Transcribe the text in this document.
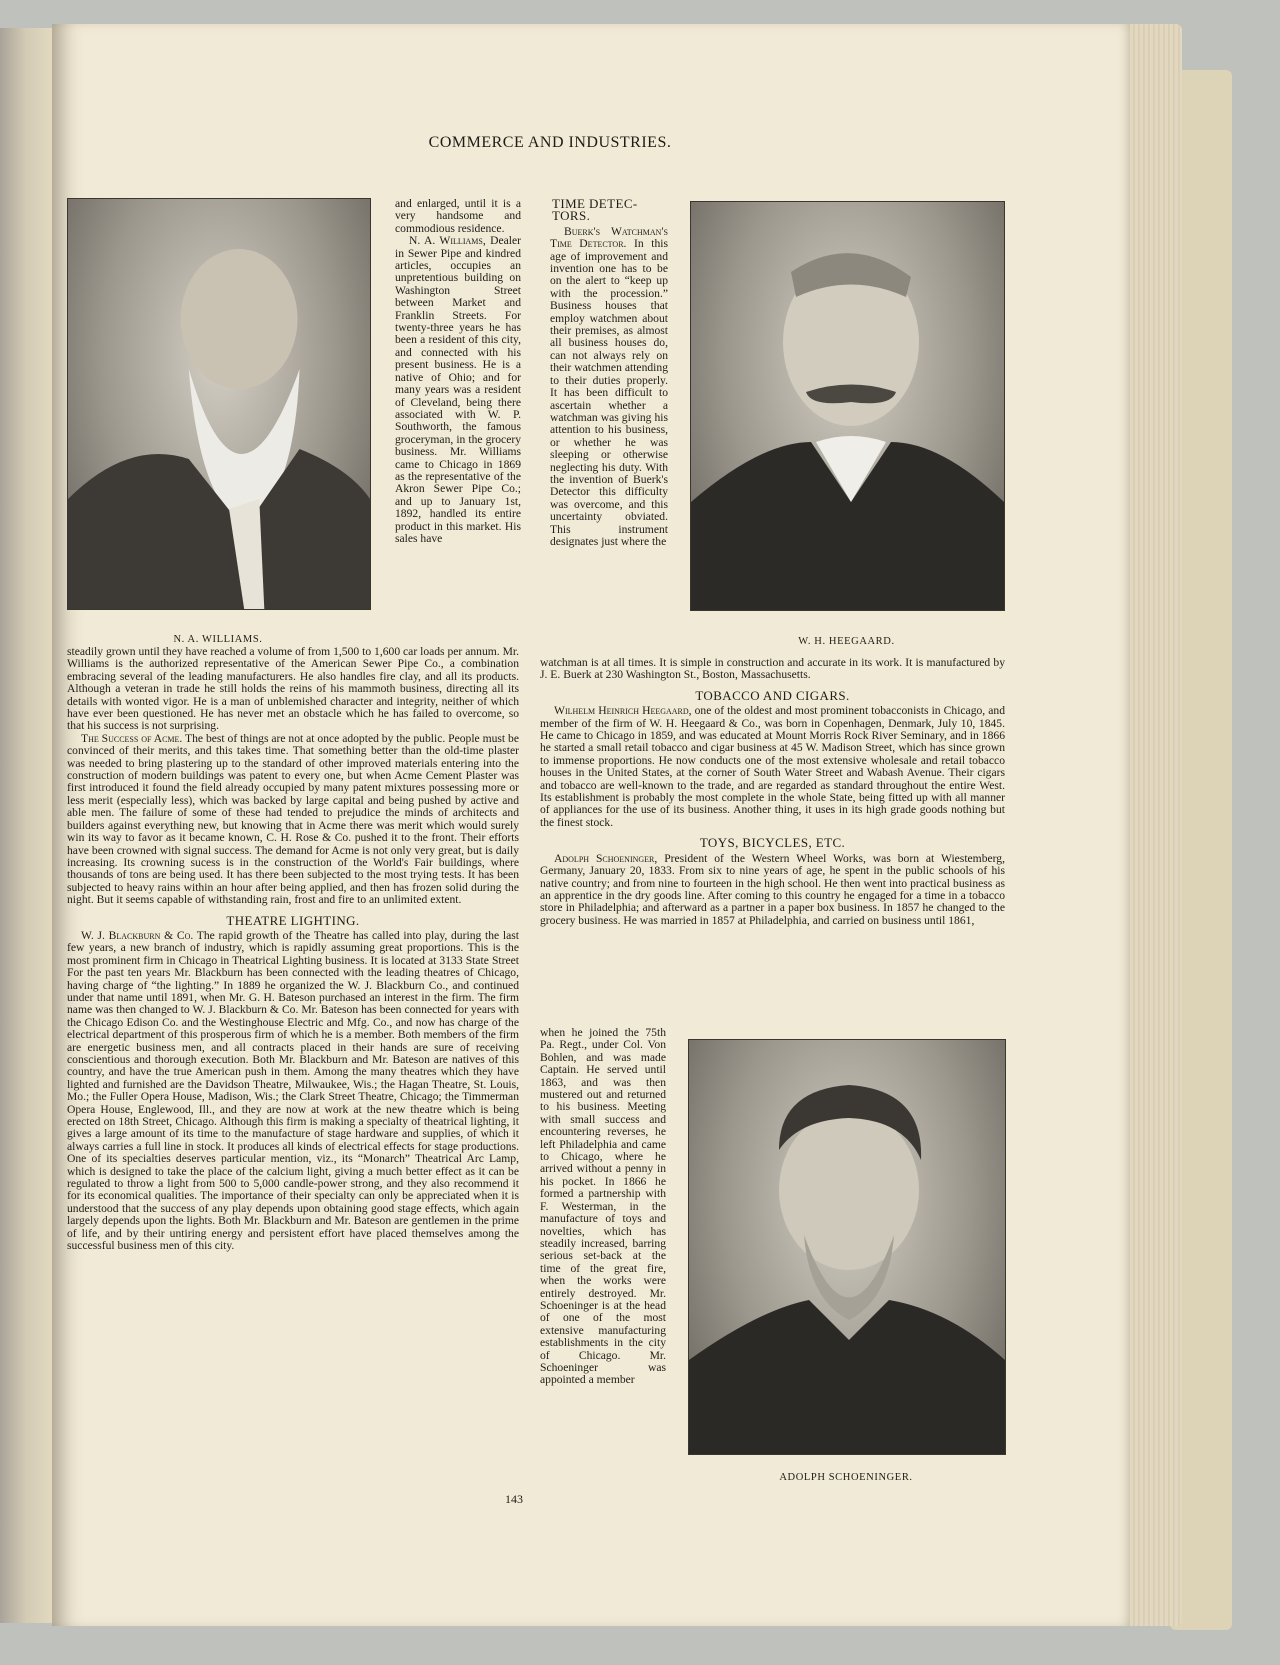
COMMERCE AND INDUSTRIES.
N. A. WILLIAMS.	W. H. HEEGAARD.
ADOLPH SCHOENINGER.

and enlarged, until it is a very handsome and commodious residence.

N. A. Williams, Dealer in Sewer Pipe and kindred articles, occupies an unpretentious building on Washington Street between Market and Franklin Streets. For twenty-three years he has been a resident of this city, and connected with his present business. He is a native of Ohio; and for many years was a resident of Cleveland, being there associated with W. P. Southworth, the famous groceryman, in the grocery business. Mr. Williams came to Chicago in 1869 as the representative of the Akron Sewer Pipe Co.; and up to January 1st, 1892, handled its entire product in this market. His sales have

TIME DETEC-TORS.

Buerk's Watchman's Time Detector. In this age of improvement and invention one has to be on the alert to “keep up with the procession.” Business houses that employ watchmen about their premises, as almost all business houses do, can not always rely on their watchmen attending to their duties properly. It has been difficult to ascertain whether a watchman was giving his attention to his business, or whether he was sleeping or otherwise neglecting his duty. With the invention of Buerk's Detector this difficulty was overcome, and this uncertainty obviated. This instrument designates just where the

steadily grown until they have reached a volume of from 1,500 to 1,600 car loads per annum. Mr. Williams is the authorized representative of the American Sewer Pipe Co., a combination embracing several of the leading manufacturers. He also handles fire clay, and all its products. Although a veteran in trade he still holds the reins of his mammoth business, directing all its details with wonted vigor. He is a man of unblemished character and integrity, neither of which have ever been questioned. He has never met an obstacle which he has failed to overcome, so that his success is not surprising.

The Success of Acme. The best of things are not at once adopted by the public. People must be convinced of their merits, and this takes time. That something better than the old-time plaster was needed to bring plastering up to the standard of other improved materials entering into the construction of modern buildings was patent to every one, but when Acme Cement Plaster was first introduced it found the field already occupied by many patent mixtures possessing more or less merit (especially less), which was backed by large capital and being pushed by active and able men. The failure of some of these had tended to prejudice the minds of architects and builders against everything new, but knowing that in Acme there was merit which would surely win its way to favor as it became known, C. H. Rose & Co. pushed it to the front. Their efforts have been crowned with signal success. The demand for Acme is not only very great, but is daily increasing. Its crowning sucess is in the construction of the World's Fair buildings, where thousands of tons are being used. It has there been subjected to the most trying tests. It has been subjected to heavy rains within an hour after being applied, and then has frozen solid during the night. But it seems capable of withstanding rain, frost and fire to an unlimited extent.

THEATRE LIGHTING.

W. J. Blackburn & Co. The rapid growth of the Theatre has called into play, during the last few years, a new branch of industry, which is rapidly assuming great proportions. This is the most prominent firm in Chicago in Theatrical Lighting business. It is located at 3133 State Street For the past ten years Mr. Blackburn has been connected with the leading theatres of Chicago, having charge of “the lighting.” In 1889 he organized the W. J. Blackburn Co., and continued under that name until 1891, when Mr. G. H. Bateson purchased an interest in the firm. The firm name was then changed to W. J. Blackburn & Co. Mr. Bateson has been connected for years with the Chicago Edison Co. and the Westinghouse Electric and Mfg. Co., and now has charge of the electrical department of this prosperous firm of which he is a member. Both members of the firm are energetic business men, and all contracts placed in their hands are sure of receiving conscientious and thorough execution. Both Mr. Blackburn and Mr. Bateson are natives of this country, and have the true American push in them. Among the many theatres which they have lighted and furnished are the Davidson Theatre, Milwaukee, Wis.; the Hagan Theatre, St. Louis, Mo.; the Fuller Opera House, Madison, Wis.; the Clark Street Theatre, Chicago; the Timmerman Opera House, Englewood, Ill., and they are now at work at the new theatre which is being erected on 18th Street, Chicago. Although this firm is making a specialty of theatrical lighting, it gives a large amount of its time to the manufacture of stage hardware and supplies, of which it always carries a full line in stock. It produces all kinds of electrical effects for stage productions. One of its specialties deserves particular mention, viz., its “Monarch” Theatrical Arc Lamp, which is designed to take the place of the calcium light, giving a much better effect as it can be regulated to throw a light from 500 to 5,000 candle-power strong, and they also recommend it for its economical qualities. The importance of their specialty can only be appreciated when it is understood that the success of any play depends upon obtaining good stage effects, which again largely depends upon the lights. Both Mr. Blackburn and Mr. Bateson are gentlemen in the prime of life, and by their untiring energy and persistent effort have placed themselves among the successful business men of this city.

watchman is at all times. It is simple in construction and accurate in its work. It is manufactured by J. E. Buerk at 230 Washington St., Boston, Massachusetts.

TOBACCO AND CIGARS.

Wilhelm Heinrich Heegaard, one of the oldest and most prominent tobacconists in Chicago, and member of the firm of W. H. Heegaard & Co., was born in Copenhagen, Denmark, July 10, 1845. He came to Chicago in 1859, and was educated at Mount Morris Rock River Seminary, and in 1866 he started a small retail tobacco and cigar business at 45 W. Madison Street, which has since grown to immense proportions. He now conducts one of the most extensive wholesale and retail tobacco houses in the United States, at the corner of South Water Street and Wabash Avenue. Their cigars and tobacco are well-known to the trade, and are regarded as standard throughout the entire West. Its establishment is probably the most complete in the whole State, being fitted up with all manner of appliances for the use of its business. Another thing, it uses in its high grade goods nothing but the finest stock.

TOYS, BICYCLES, ETC.

Adolph Schoeninger, President of the Western Wheel Works, was born at Wiestemberg, Germany, January 20, 1833. From six to nine years of age, he spent in the public schools of his native country; and from nine to fourteen in the high school. He then went into practical business as an apprentice in the dry goods line. After coming to this country he engaged for a time in a tobacco store in Philadelphia; and afterward as a partner in a paper box business. In 1857 he changed to the grocery business. He was married in 1857 at Philadelphia, and carried on business until 1861,

when he joined the 75th Pa. Regt., under Col. Von Bohlen, and was made Captain. He served until 1863, and was then mustered out and returned to his business. Meeting with small success and encountering reverses, he left Philadelphia and came to Chicago, where he arrived without a penny in his pocket. In 1866 he formed a partnership with F. Westerman, in the manufacture of toys and novelties, which has steadily increased, barring serious set-back at the time of the great fire, when the works were entirely destroyed. Mr. Schoeninger is at the head of one of the most extensive manufacturing establishments in the city of Chicago. Mr. Schoeninger was appointed a member

143
